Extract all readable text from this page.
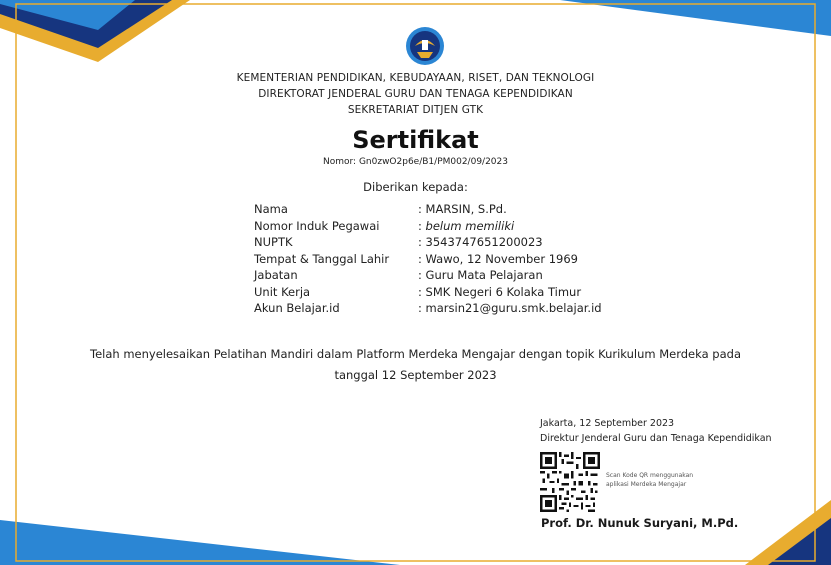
KEMENTERIAN PENDIDIKAN, KEBUDAYAAN, RISET, DAN TEKNOLOGI
DIREKTORAT JENDERAL GURU DAN TENAGA KEPENDIDIKAN
SEKRETARIAT DITJEN GTK
Sertifikat
Nomor: Gn0zwO2p6e/B1/PM002/09/2023
Diberikan kepada:
Nama	: MARSIN, S.Pd.
Nomor Induk Pegawai	: belum memiliki
NUPTK	: 3543747651200023
Tempat & Tanggal Lahir	: Wawo, 12 November 1969
Jabatan	: Guru Mata Pelajaran
Unit Kerja	: SMK Negeri 6 Kolaka Timur
Akun Belajar.id	: marsin21@guru.smk.belajar.id
Telah menyelesaikan Pelatihan Mandiri dalam Platform Merdeka Mengajar dengan topik Kurikulum Merdeka pada
tanggal 12 September 2023
Jakarta, 12 September 2023
Direktur Jenderal Guru dan Tenaga Kependidikan
Scan Kode QR menggunakan
aplikasi Merdeka Mengajar
Prof. Dr. Nunuk Suryani, M.Pd.
